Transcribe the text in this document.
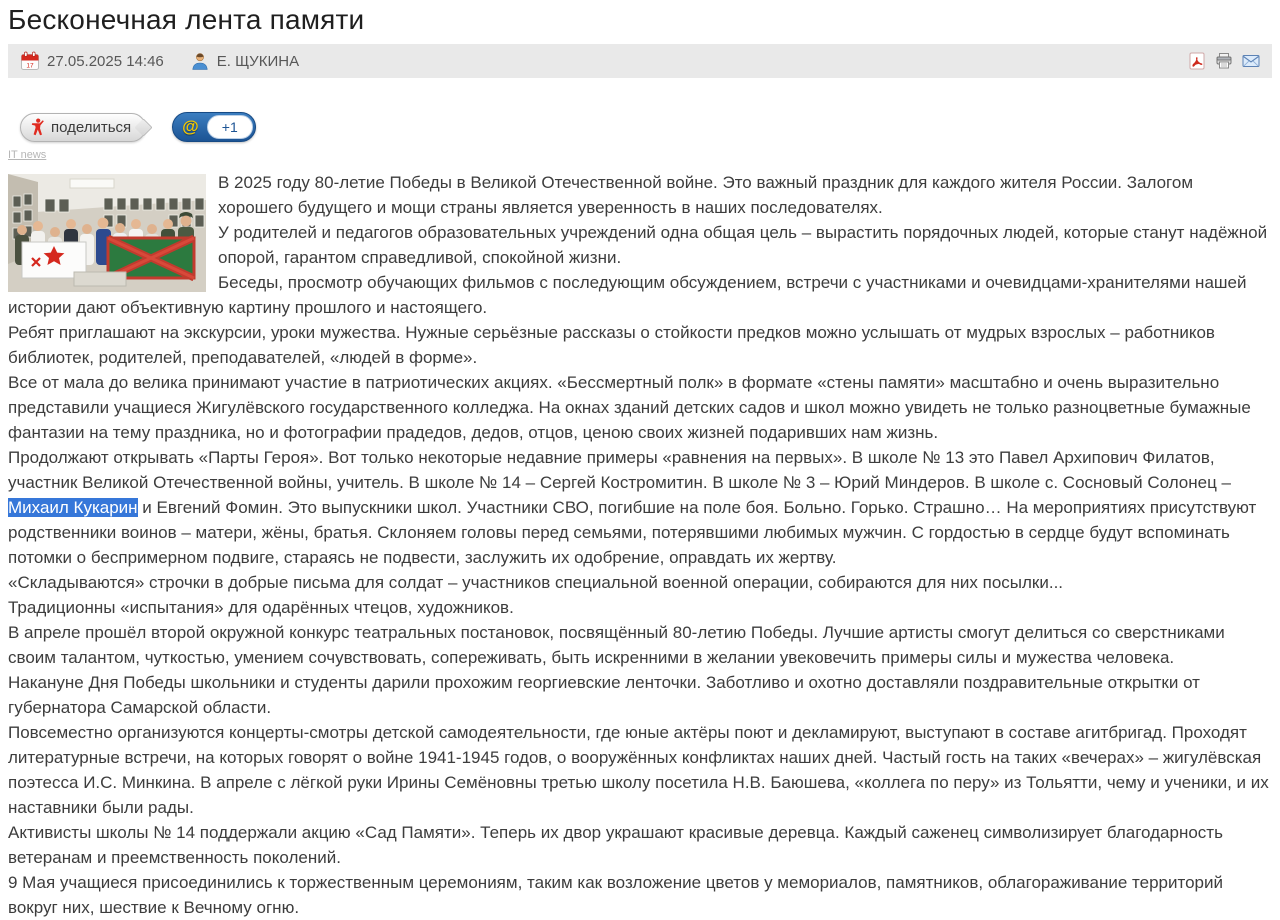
Бесконечная лента памяти
17 27.05.2025 14:46	Е. ЩУКИНА
поделиться	@	+1
IT news

В 2025 году 80-летие Победы в Великой Отечественной войне. Это важный праздник для каждого жителя России. Залогом хорошего будущего и мощи страны является уверенность в наших последователях.

У родителей и педагогов образовательных учреждений одна общая цель – вырастить порядочных людей, которые станут надёжной опорой, гарантом справедливой, спокойной жизни.

Беседы, просмотр обучающих фильмов с последующим обсуждением, встречи с участниками и очевидцами-хранителями нашей истории дают объективную картину прошлого и настоящего.

Ребят приглашают на экскурсии, уроки мужества. Нужные серьёзные рассказы о стойкости предков можно услышать от мудрых взрослых – работников библиотек, родителей, преподавателей, «людей в форме».

Все от мала до велика принимают участие в патриотических акциях. «Бессмертный полк» в формате «стены памяти» масштабно и очень выразительно представили учащиеся Жигулёвского государственного колледжа. На окнах зданий детских садов и школ можно увидеть не только разноцветные бумажные фантазии на тему праздника, но и фотографии прадедов, дедов, отцов, ценою своих жизней подаривших нам жизнь.

Продолжают открывать «Парты Героя». Вот только некоторые недавние примеры «равнения на первых». В школе № 13 это Павел Архипович Филатов, участник Великой Отечественной войны, учитель. В школе № 14 – Сергей Костромитин. В школе № 3 – Юрий Миндеров. В школе с. Сосновый Солонец – Михаил Кукарин и Евгений Фомин. Это выпускники школ. Участники СВО, погибшие на поле боя. Больно. Горько. Страшно… На мероприятиях присутствуют родственники воинов – матери, жёны, братья. Склоняем головы перед семьями, потерявшими любимых мужчин. С гордостью в сердце будут вспоминать потомки о беспримерном подвиге, стараясь не подвести, заслужить их одобрение, оправдать их жертву.

«Складываются» строчки в добрые письма для солдат – участников специальной военной операции, собираются для них посылки...

Традиционны «испытания» для одарённых чтецов, художников.

В апреле прошёл второй окружной конкурс театральных постановок, посвящённый 80-летию Победы. Лучшие артисты смогут делиться со сверстниками своим талантом, чуткостью, умением сочувствовать, сопереживать, быть искренними в желании увековечить примеры силы и мужества человека.

Накануне Дня Победы школьники и студенты дарили прохожим георгиевские ленточки. Заботливо и охотно доставляли поздравительные открытки от губернатора Самарской области.

Повсеместно организуются концерты-смотры детской самодеятельности, где юные актёры поют и декламируют, выступают в составе агитбригад. Проходят литературные встречи, на которых говорят о войне 1941-1945 годов, о вооружённых конфликтах наших дней. Частый гость на таких «вечерах» – жигулёвская поэтесса И.С. Минкина. В апреле с лёгкой руки Ирины Семёновны третью школу посетила Н.В. Баюшева, «коллега по перу» из Тольятти, чему и ученики, и их наставники были рады.

Активисты школы № 14 поддержали акцию «Сад Памяти». Теперь их двор украшают красивые деревца. Каждый саженец символизирует благодарность ветеранам и преемственность поколений.

9 Мая учащиеся присоединились к торжественным церемониям, таким как возложение цветов у мемориалов, памятников, облагораживание территорий вокруг них, шествие к Вечному огню.
